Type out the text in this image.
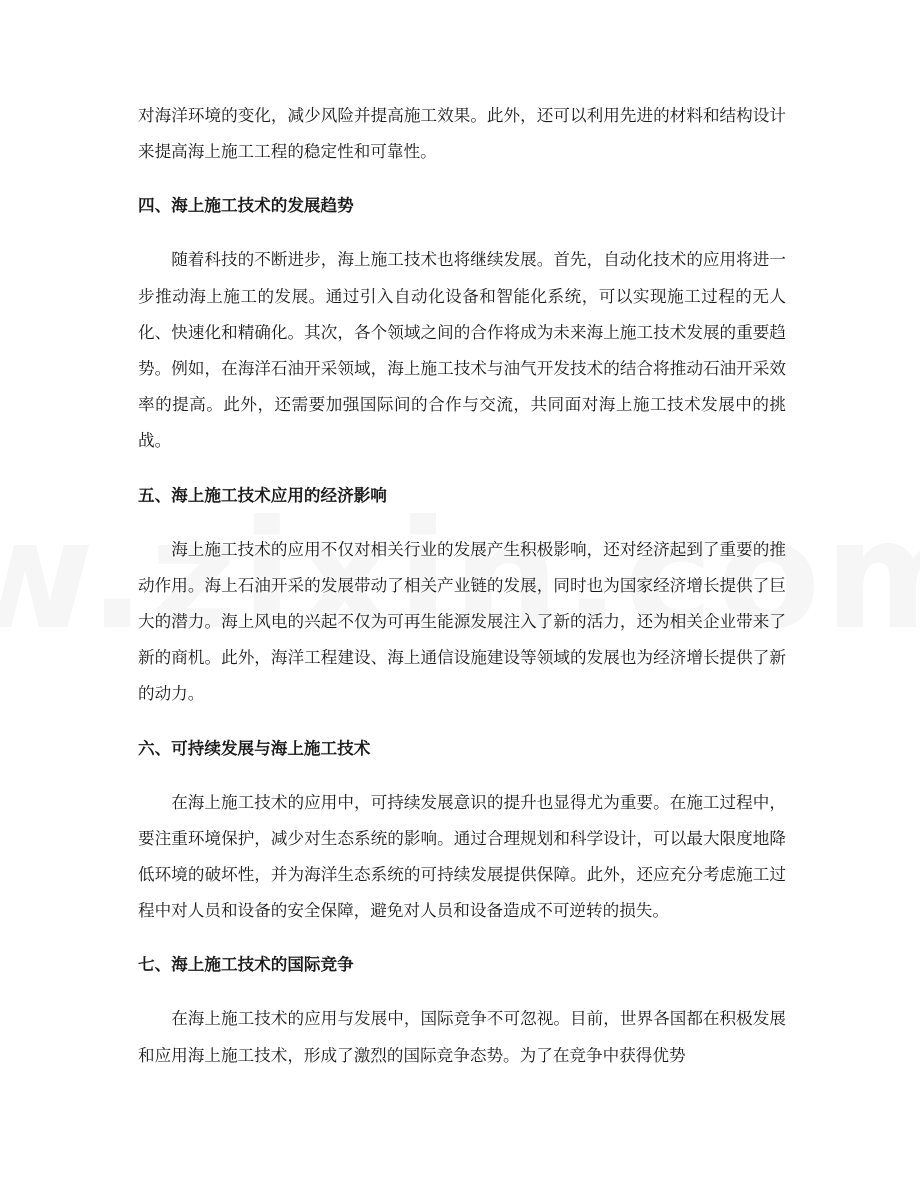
对海洋环境的变化，减少风险并提高施工效果。此外，还可以利用先进的材料和结构设计来提高海上施工工程的稳定性和可靠性。

四、海上施工技术的发展趋势

随着科技的不断进步，海上施工技术也将继续发展。首先，自动化技术的应用将进一步推动海上施工的发展。通过引入自动化设备和智能化系统，可以实现施工过程的无人化、快速化和精确化。其次，各个领域之间的合作将成为未来海上施工技术发展的重要趋势。例如，在海洋石油开采领域，海上施工技术与油气开发技术的结合将推动石油开采效率的提高。此外，还需要加强国际间的合作与交流，共同面对海上施工技术发展中的挑战。

五、海上施工技术应用的经济影响

海上施工技术的应用不仅对相关行业的发展产生积极影响，还对经济起到了重要的推动作用。海上石油开采的发展带动了相关产业链的发展，同时也为国家经济增长提供了巨大的潜力。海上风电的兴起不仅为可再生能源发展注入了新的活力，还为相关企业带来了新的商机。此外，海洋工程建设、海上通信设施建设等领域的发展也为经济增长提供了新的动力。

六、可持续发展与海上施工技术

在海上施工技术的应用中，可持续发展意识的提升也显得尤为重要。在施工过程中，要注重环境保护，减少对生态系统的影响。通过合理规划和科学设计，可以最大限度地降低环境的破坏性，并为海洋生态系统的可持续发展提供保障。此外，还应充分考虑施工过程中对人员和设备的安全保障，避免对人员和设备造成不可逆转的损失。

七、海上施工技术的国际竞争

在海上施工技术的应用与发展中，国际竞争不可忽视。目前，世界各国都在积极发展和应用海上施工技术，形成了激烈的国际竞争态势。为了在竞争中获得优势
